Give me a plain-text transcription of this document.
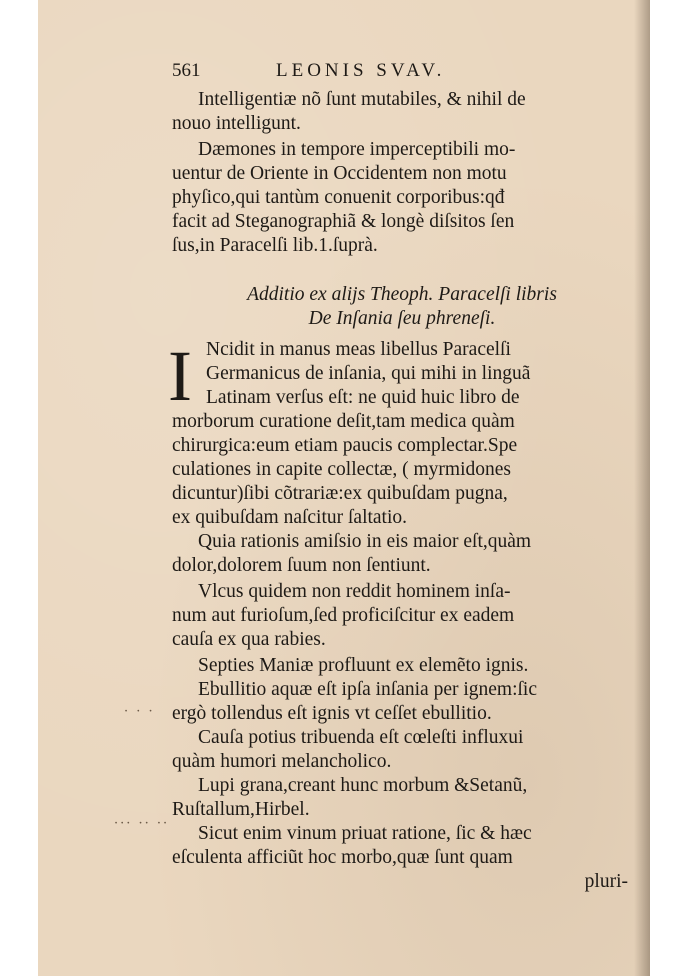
· · ·
··· ·· ··
561	LEONIS SVAV.
Intelligentiæ nõ ſunt mutabiles, & nihil de
nouo intelligunt.
Dæmones in tempore imperceptibili mo-
uentur de Oriente in Occidentem non motu
phyſico,qui tantùm conuenit corporibus:qđ
facit ad Steganographiã & longè diſsitos ſen
ſus,in Paracelſi lib.1.ſuprà.
Additio ex alijs Theoph. Paracelſi libris
De Inſania ſeu phreneſi.
I Ncidit in manus meas libellus Paracelſi
Germanicus de inſania, qui mihi in linguã
Latinam verſus eſt: ne quid huic libro de
morborum curatione deſit,tam medica quàm
chirurgica:eum etiam paucis complectar.Spe
culationes in capite collectæ, ( myrmidones
dicuntur)ſibi cõtrariæ:ex quibuſdam pugna,
ex quibuſdam naſcitur ſaltatio.
Quia rationis amiſsio in eis maior eſt,quàm
dolor,dolorem ſuum non ſentiunt.
Vlcus quidem non reddit hominem inſa-
num aut furioſum,ſed proficiſcitur ex eadem
cauſa ex qua rabies.
Septies Maniæ profluunt ex elemẽto ignis.
Ebullitio aquæ eſt ipſa inſania per ignem:ſic
ergò tollendus eſt ignis vt ceſſet ebullitio.
Cauſa potius tribuenda eſt cœleſti influxui
quàm humori melancholico.
Lupi grana,creant hunc morbum &Setanũ,
Ruſtallum,Hirbel.
Sicut enim vinum priuat ratione, ſic & hæc
eſculenta afficiũt hoc morbo,quæ ſunt quam
pluri-
